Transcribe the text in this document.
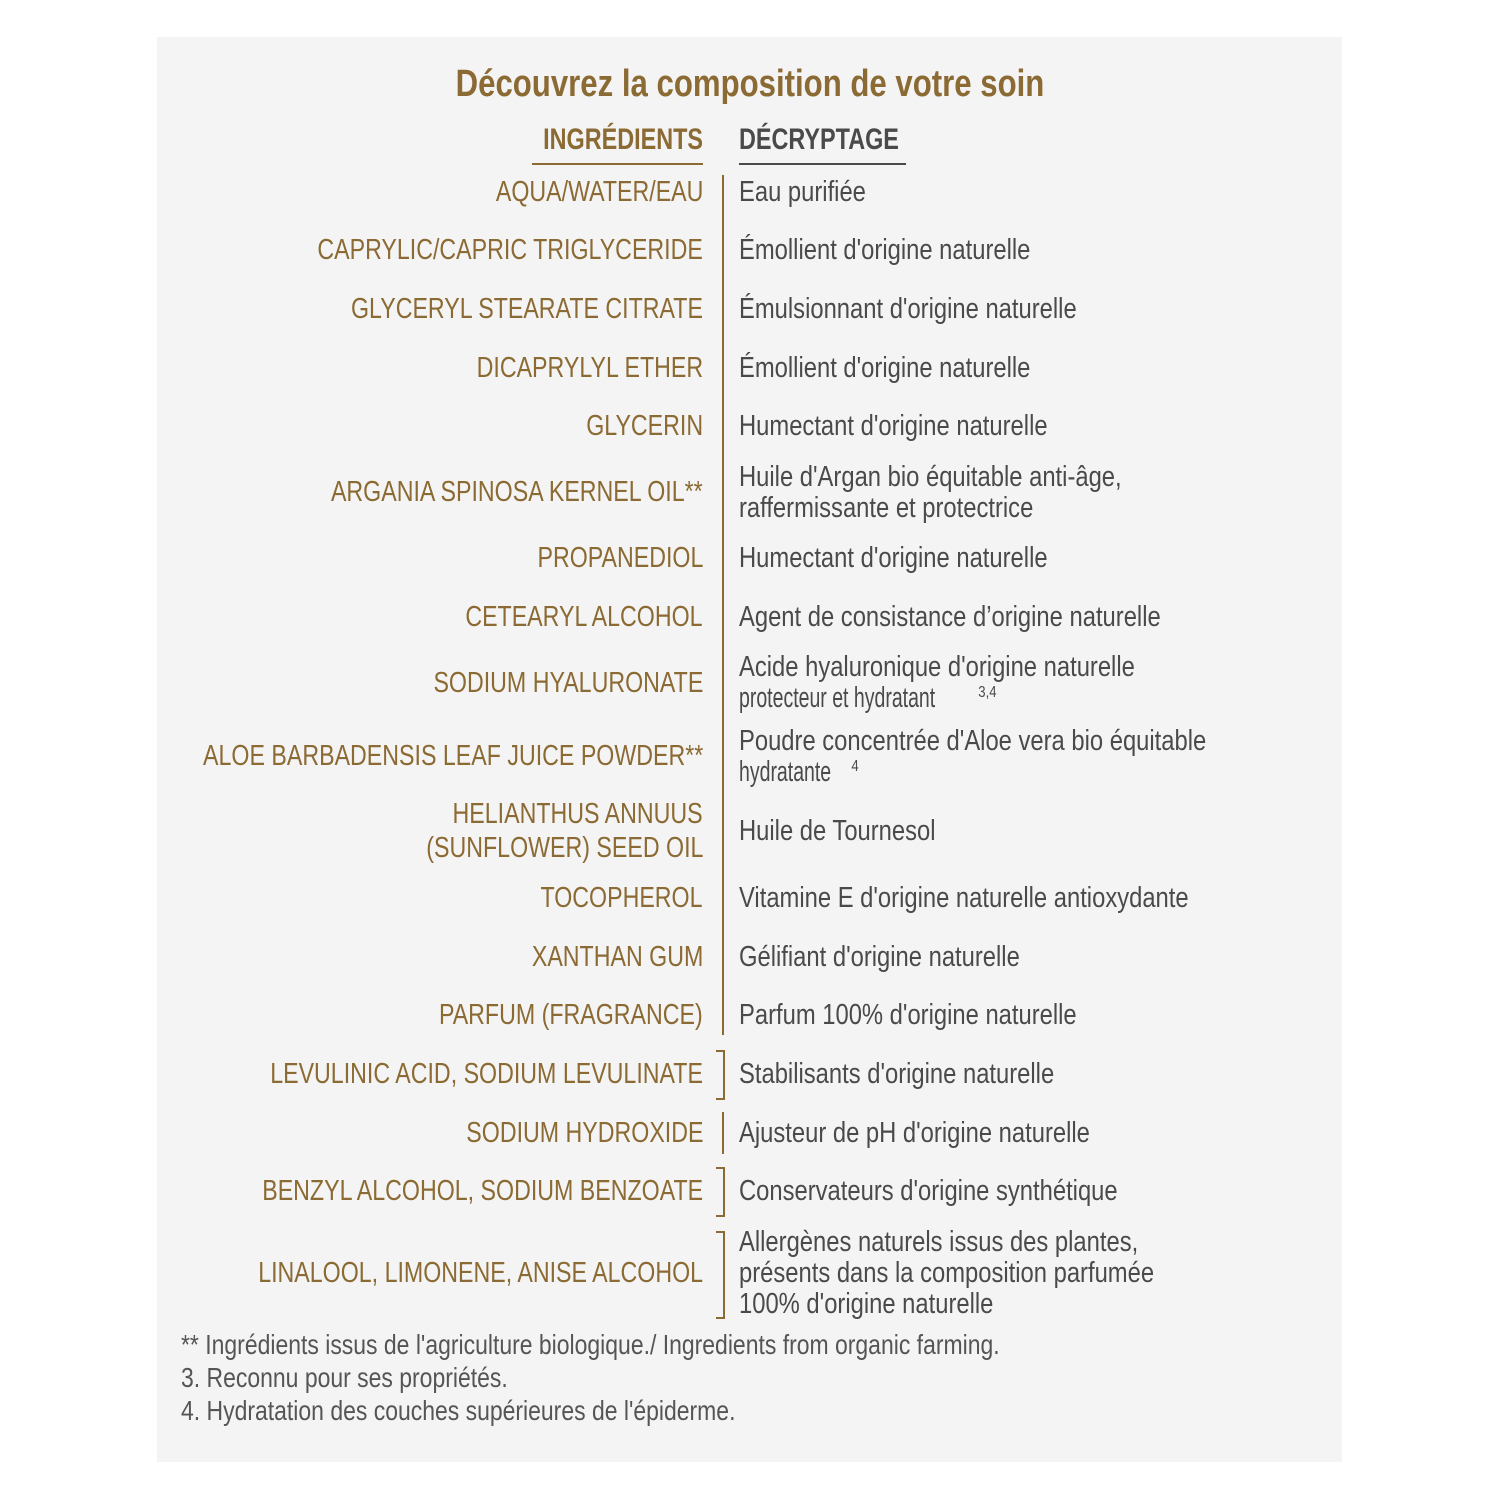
Découvrez la composition de votre soin
INGRÉDIENTS DÉCRYPTAGE
AQUA/WATER/EAU Eau purifiée
CAPRYLIC/CAPRIC TRIGLYCERIDE Émollient d'origine naturelle
GLYCERYL STEARATE CITRATE Émulsionnant d'origine naturelle
DICAPRYLYL ETHER Émollient d'origine naturelle
GLYCERIN Humectant d'origine naturelle
ARGANIA SPINOSA KERNEL OIL** Huile d'Argan bio équitable anti-âge,
raffermissante et protectrice
PROPANEDIOL Humectant d'origine naturelle
CETEARYL ALCOHOL Agent de consistance d’origine naturelle
SODIUM HYALURONATE Acide hyaluronique d'origine naturelle
protecteur et hydratant	$^{3,4}$
ALOE BARBADENSIS LEAF JUICE POWDER** Poudre concentrée d'Aloe vera bio équitable
hydratante $^4$
HELIANTHUS ANNUUS
(SUNFLOWER) SEED OIL
Huile de Tournesol
TOCOPHEROL Vitamine E d'origine naturelle antioxydante
XANTHAN GUM Gélifiant d'origine naturelle
PARFUM (FRAGRANCE) Parfum 100% d'origine naturelle
LEVULINIC ACID, SODIUM LEVULINATE Stabilisants d'origine naturelle
SODIUM HYDROXIDE Ajusteur de pH d'origine naturelle
BENZYL ALCOHOL, SODIUM BENZOATE Conservateurs d'origine synthétique
LINALOOL, LIMONENE, ANISE ALCOHOL
Allergènes naturels issus des plantes,
présents dans la composition parfumée
100% d'origine naturelle
** Ingrédients issus de l'agriculture biologique./ Ingredients from organic farming.
3. Reconnu pour ses propriétés.
4. Hydratation des couches supérieures de l'épiderme.
